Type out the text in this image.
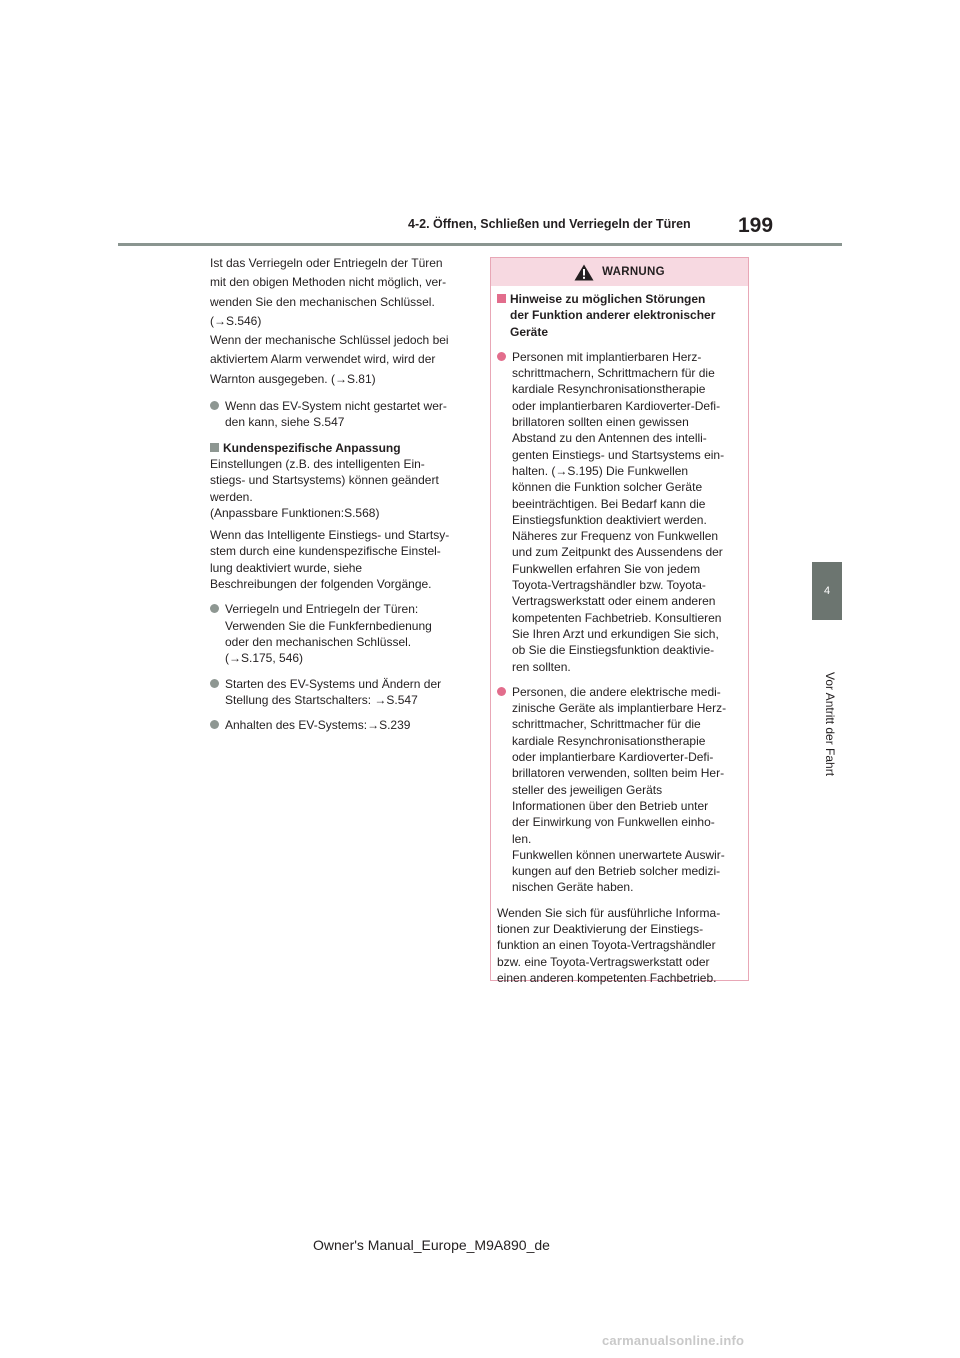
4-2. Öffnen, Schließen und Verriegeln der Türen 199
4
Vor Antritt der Fahrt

Ist das Verriegeln oder Entriegeln der Türen

mit den obigen Methoden nicht möglich, ver-

wenden Sie den mechanischen Schlüssel.

(→S.546)

Wenn der mechanische Schlüssel jedoch bei

aktiviertem Alarm verwendet wird, wird der

Warnton ausgegeben. (→S.81)

Wenn das EV-System nicht gestartet wer-

den kann, siehe S.547

Kundenspezifische Anpassung

Einstellungen (z.B. des intelligenten Ein-

stiegs- und Startsystems) können geändert

werden.

(Anpassbare Funktionen:S.568)

Wenn das Intelligente Einstiegs- und Startsy-

stem durch eine kundenspezifische Einstel-

lung deaktiviert wurde, siehe

Beschreibungen der folgenden Vorgänge.

Verriegeln und Entriegeln der Türen:

Verwenden Sie die Funkfernbedienung

oder den mechanischen Schlüssel.

(→S.175, 546)

Starten des EV-Systems und Ändern der

Stellung des Startschalters: →S.547

Anhalten des EV-Systems:→S.239

WARNUNG

Hinweise zu möglichen Störungen

der Funktion anderer elektronischer

Geräte

Personen mit implantierbaren Herz-

schrittmachern, Schrittmachern für die

kardiale Resynchronisationstherapie

oder implantierbaren Kardioverter-Defi-

brillatoren sollten einen gewissen

Abstand zu den Antennen des intelli-

genten Einstiegs- und Startsystems ein-

halten. (→S.195) Die Funkwellen

können die Funktion solcher Geräte

beeinträchtigen. Bei Bedarf kann die

Einstiegsfunktion deaktiviert werden.

Näheres zur Frequenz von Funkwellen

und zum Zeitpunkt des Aussendens der

Funkwellen erfahren Sie von jedem

Toyota-Vertragshändler bzw. Toyota-

Vertragswerkstatt oder einem anderen

kompetenten Fachbetrieb. Konsultieren

Sie Ihren Arzt und erkundigen Sie sich,

ob Sie die Einstiegsfunktion deaktivie-

ren sollten.

Personen, die andere elektrische medi-

zinische Geräte als implantierbare Herz-

schrittmacher, Schrittmacher für die

kardiale Resynchronisationstherapie

oder implantierbare Kardioverter-Defi-

brillatoren verwenden, sollten beim Her-

steller des jeweiligen Geräts

Informationen über den Betrieb unter

der Einwirkung von Funkwellen einho-

len.

Funkwellen können unerwartete Auswir-

kungen auf den Betrieb solcher medizi-

nischen Geräte haben.

Wenden Sie sich für ausführliche Informa-

tionen zur Deaktivierung der Einstiegs-

funktion an einen Toyota-Vertragshändler

bzw. eine Toyota-Vertragswerkstatt oder

einen anderen kompetenten Fachbetrieb.

Owner's Manual_Europe_M9A890_de
carmanualsonline.info
